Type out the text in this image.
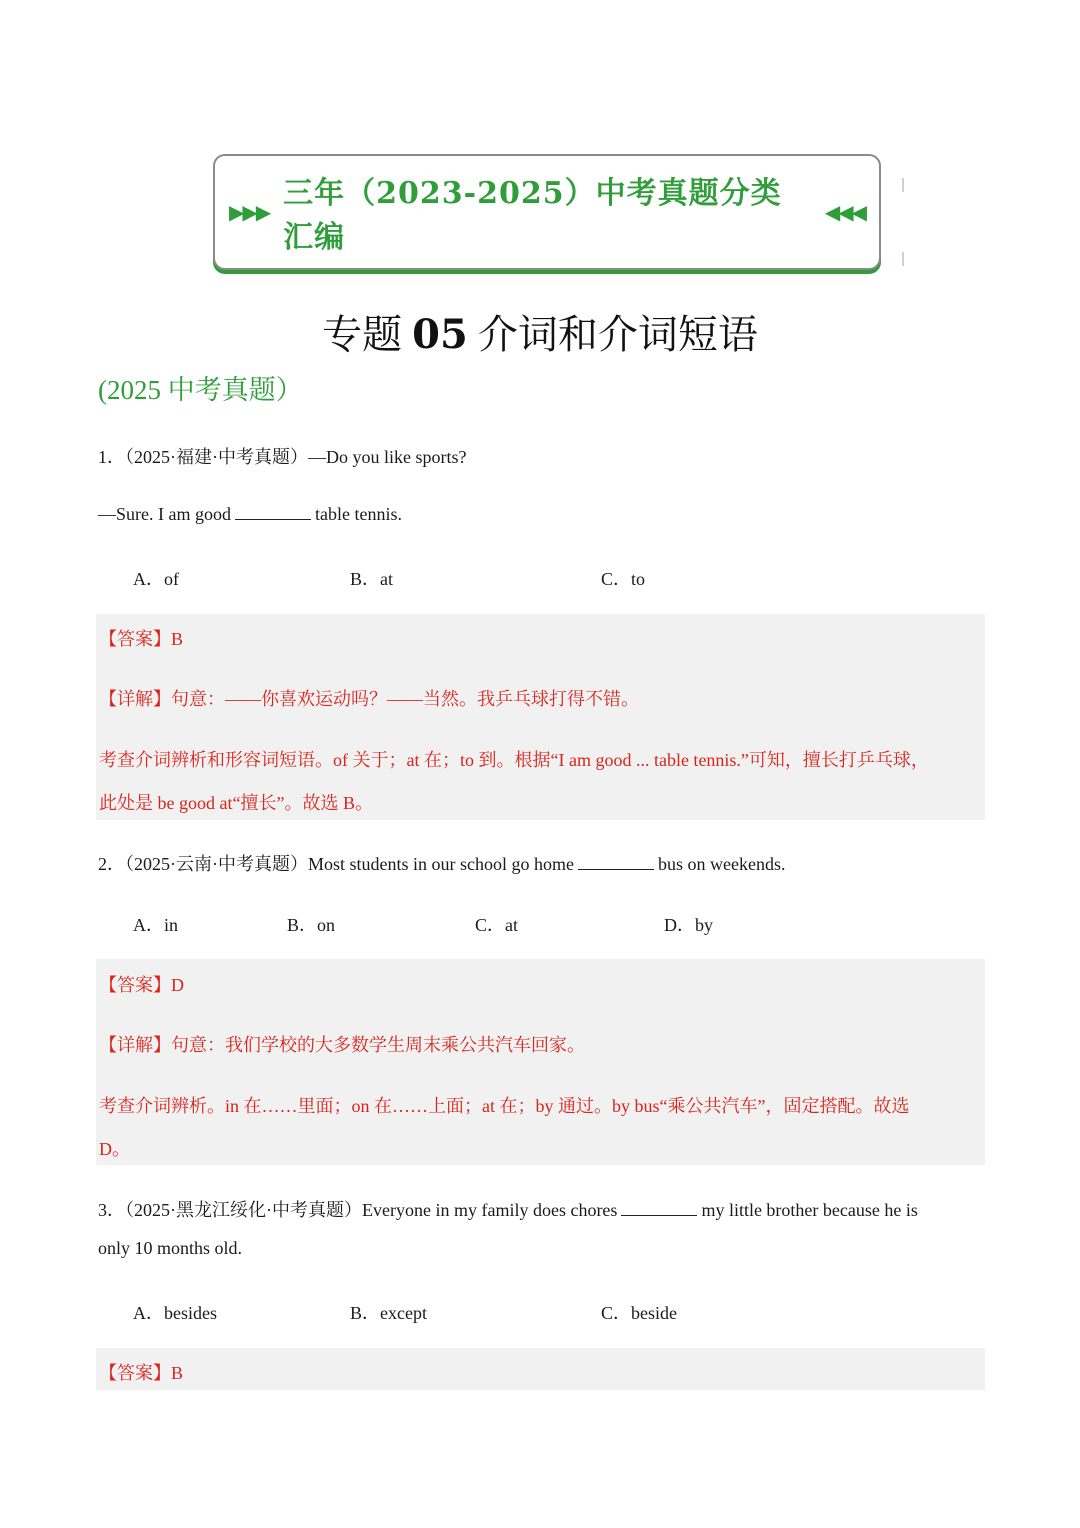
▶▶▶
三年（2023-2025）中考真题分类汇编
◀◀◀
专题 05 介词和介词短语
(2025 中考真题）
1．（2025·福建·中考真题）—Do you like sports?
—Sure. I am good	table tennis.
A．of	B．at	C．to
【答案】B
【详解】句意：——你喜欢运动吗？——当然。我乒乓球打得不错。
考查介词辨析和形容词短语。of 关于；at 在；to 到。根据“I am good ... table tennis.”可知，擅长打乒乓球，
此处是 be good at“擅长”。故选 B。
2．（2025·云南·中考真题）Most students in our school go home	bus on weekends.
A．in	B．on	C．at	D．by
【答案】D
【详解】句意：我们学校的大多数学生周末乘公共汽车回家。
考查介词辨析。in 在……里面；on 在……上面；at 在；by 通过。by bus“乘公共汽车”，固定搭配。故选
D。
3．（2025·黑龙江绥化·中考真题）Everyone in my family does chores	my little brother because he is
only 10 months old.
A．besides	B．except	C．beside
【答案】B
